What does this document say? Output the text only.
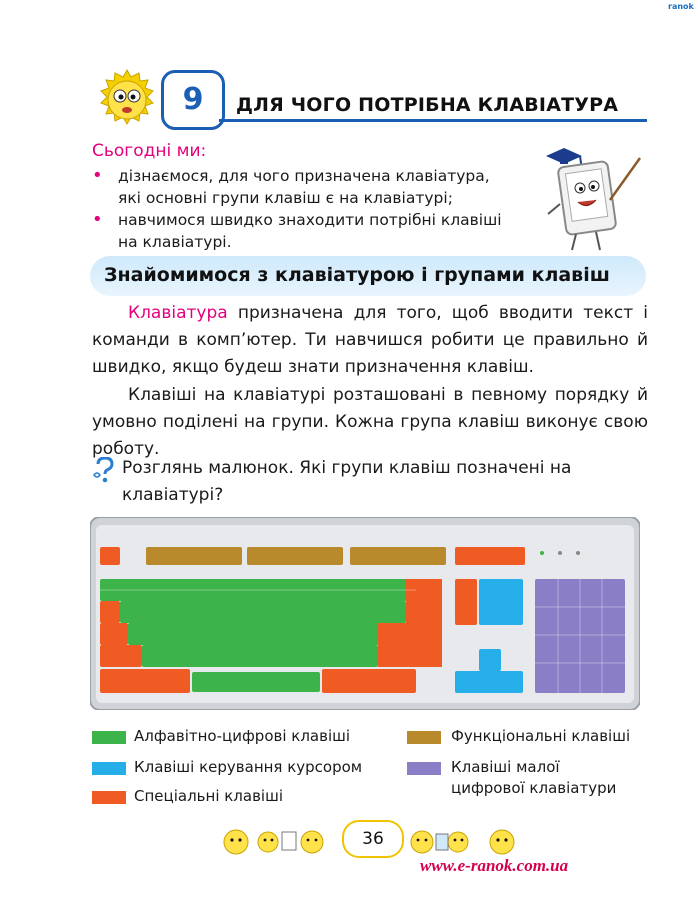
ranok
9	ДЛЯ ЧОГО ПОТРІБНА КЛАВІАТУРА
Сьогодні ми:
• дізнаємося, для чого призначена клавіатура, які основні групи клавіш є на клавіатурі;
• навчимося швидко знаходити потрібні клавіші на клавіатурі.
Знайомимося з клавіатурою і групами клавіш
Клавіатура призначена для того, щоб вводити текст і команди в комп’ютер. Ти навчишся робити це правильно й швидко, якщо будеш знати призначення клавіш.
Клавіші на клавіатурі розташовані в певному порядку й умовно поділені на групи. Кожна група клавіш виконує свою роботу.
Розглянь малюнок. Які групи клавіш позначені на клавіатурі?
Алфавітно-цифрові клавіші
Клавіші керування курсором
Спеціальні клавіші
Функціональні клавіші
Клавіші малої
цифрової клавіатури
36
www.e-ranok.com.ua
